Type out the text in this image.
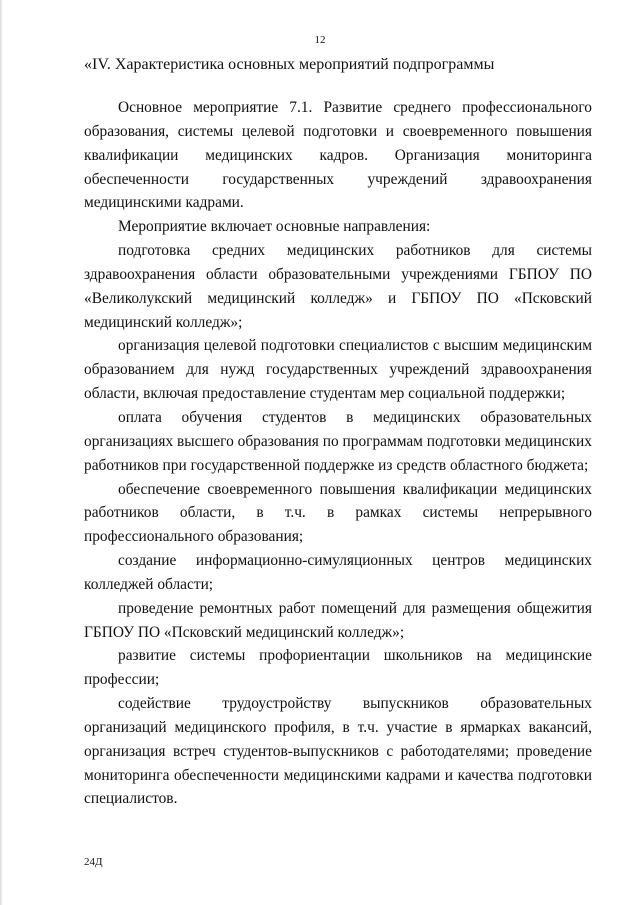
12
«IV. Характеристика основных мероприятий подпрограммы

Основное мероприятие 7.1. Развитие среднего профессионального образования, системы целевой подготовки и своевременного повышения квалификации медицинских кадров. Организация мониторинга обеспеченности государственных учреждений здравоохранения медицинскими кадрами.

Мероприятие включает основные направления:

подготовка средних медицинских работников для системы здравоохранения области образовательными учреждениями ГБПОУ ПО «Великолукский медицинский колледж» и ГБПОУ ПО «Псковский медицинский колледж»;

организация целевой подготовки специалистов с высшим медицинским образованием для нужд государственных учреждений здравоохранения области, включая предоставление студентам мер социальной поддержки;

оплата обучения студентов в медицинских образовательных организациях высшего образования по программам подготовки медицинских работников при государственной поддержке из средств областного бюджета;

обеспечение своевременного повышения квалификации медицинских работников области, в т.ч. в рамках системы непрерывного профессионального образования;

создание информационно-симуляционных центров медицинских колледжей области;

проведение ремонтных работ помещений для размещения общежития ГБПОУ ПО «Псковский медицинский колледж»;

развитие системы профориентации школьников на медицинские профессии;

содействие трудоустройству выпускников образовательных организаций медицинского профиля, в т.ч. участие в ярмарках вакансий, организация встреч студентов-выпускников с работодателями; проведение мониторинга обеспеченности медицинскими кадрами и качества подготовки специалистов.

24Д
